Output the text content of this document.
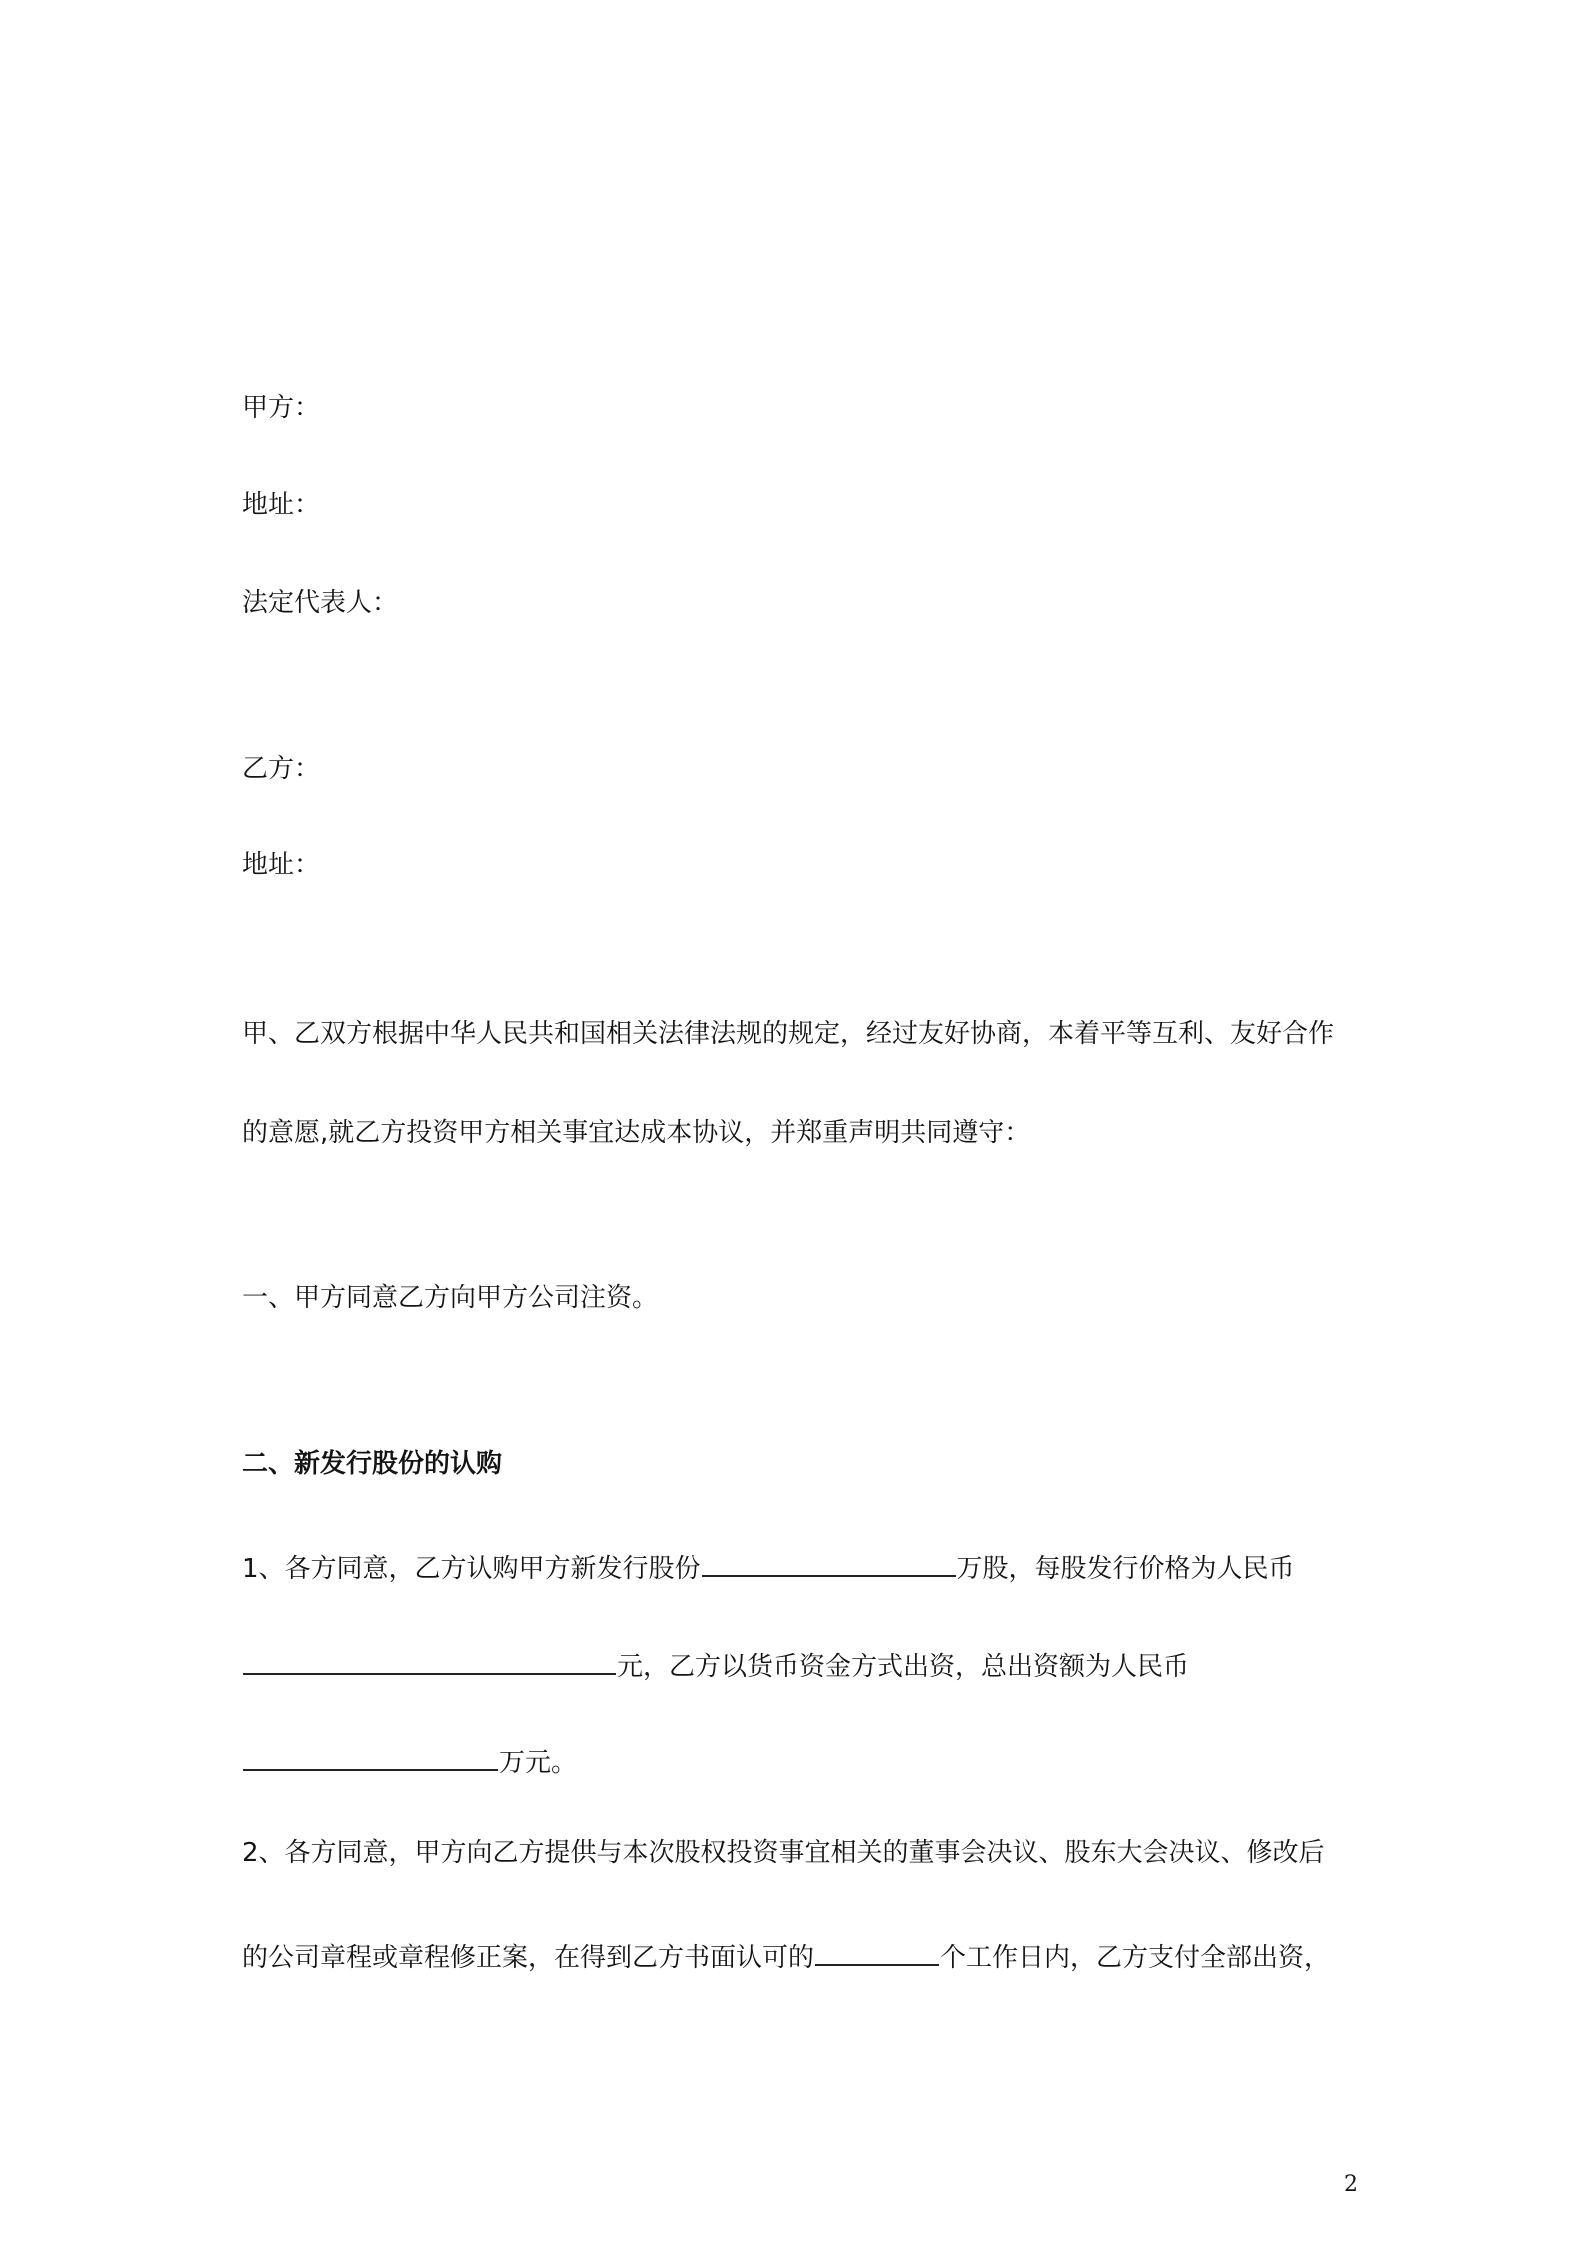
甲方：
地址：
法定代表人：
乙方：
地址：
甲、乙双方根据中华人民共和国相关法律法规的规定，经过友好协商，本着平等互利、友好合作
的意愿,就乙方投资甲方相关事宜达成本协议，并郑重声明共同遵守：
一、甲方同意乙方向甲方公司注资。
二、新发行股份的认购
1、各方同意，乙方认购甲方新发行股份	万股，每股发行价格为人民币
元，乙方以货币资金方式出资，总出资额为人民币
万元。
2、各方同意，甲方向乙方提供与本次股权投资事宜相关的董事会决议、股东大会决议、修改后
的公司章程或章程修正案，在得到乙方书面认可的	个工作日内，乙方支付全部出资，
2
